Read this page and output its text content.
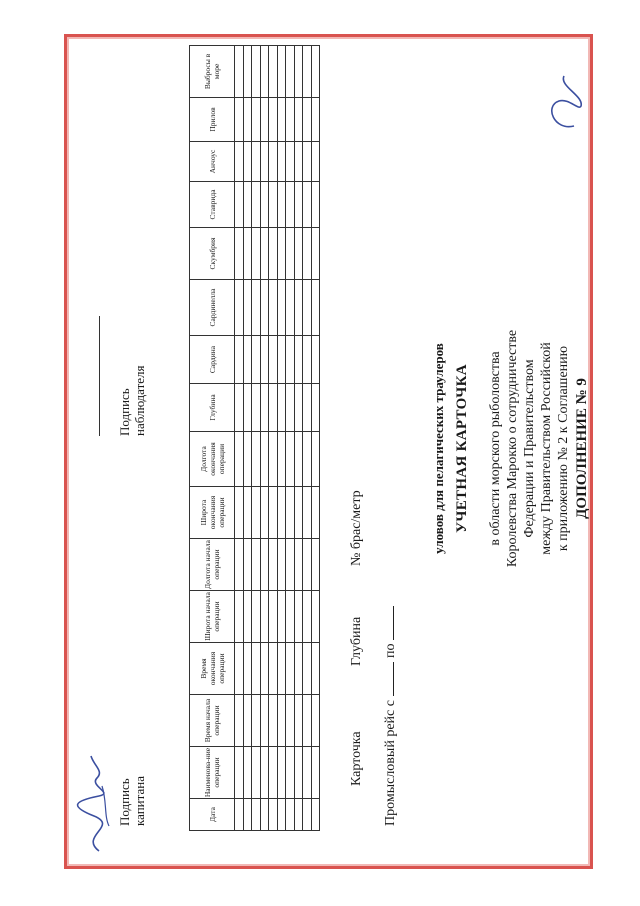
ДОПОЛНЕНИЕ № 9
к приложению № 2 к Соглашению
между Правительством Российской
Федерации и Правительством
Королевства Марокко о сотрудничестве
в области морского рыболовства
УЧЕТНАЯ КАРТОЧКА
уловов для пелагических траулеров
Промысловый рейс спо
Карточка
Глубина
№ брас/метр
Дата	Наименова-ние операции	Время начала операции	Время окончания операции	Широта начала операции	Долгота начала операции	Широта окончания операции	Долгота окончания операции	Глубина	Сардина	Сардинелла	Скумбрия	Ставрида	Анчоус	Прилов	Выбросы в море

Подпись капитана
Подпись наблюдателя
